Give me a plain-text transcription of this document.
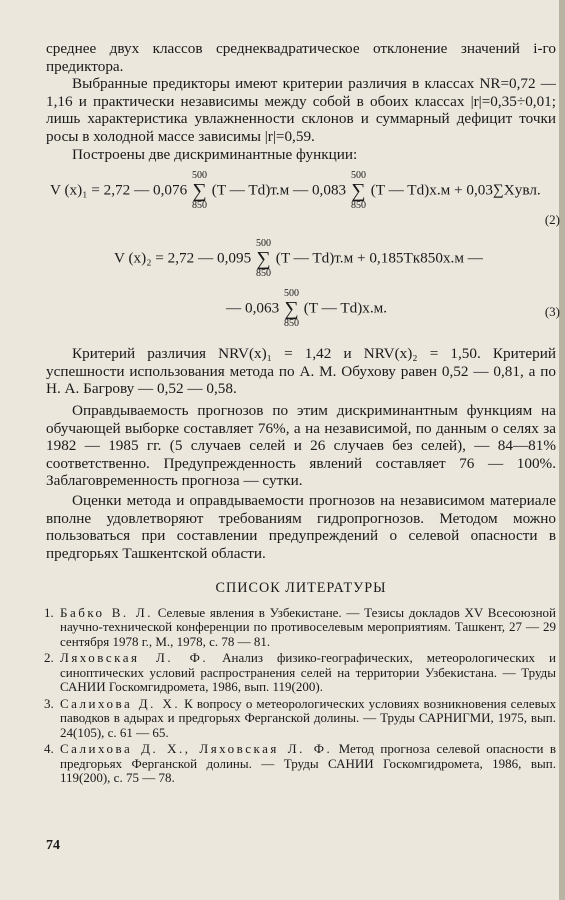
среднее двух классов среднеквадратическое отклонение значений i-го предиктора.

Выбранные предикторы имеют критерии различия в классах NR=0,72 — 1,16 и практически независимы между собой в обоих классах |r|=0,35÷0,01; лишь характеристика увлажненности склонов и суммарный дефицит точки росы в холодной массе зависимы |r|=0,59.

Построены две дискриминантные функции:

V (x)₁ = 2,72 — 0,076
500
∑
850
(T — Td)т.м — 0,083
500
∑
850
(T — Td)х.м + 0,03∑Xувл.
(2)
V (x)₂ = 2,72 — 0,095
500
∑
850
(T — Td)т.м + 0,185Tк850х.м —
— 0,063
500
∑
850
(T — Td)х.м.	(3)

Критерий различия NRV(x)₁ = 1,42 и NRV(x)₂ = 1,50. Критерий успешности использования метода по А. М. Обухову равен 0,52 — 0,81, а по Н. А. Багрову — 0,52 — 0,58.

Оправдываемость прогнозов по этим дискриминантным функциям на обучающей выборке составляет 76%, а на независимой, по данным о селях за 1982 — 1985 гг. (5 случаев селей и 26 случаев без селей), — 84—81% соответственно. Предупрежденность явлений составляет 76 — 100%. Заблаговременность прогноза — сутки.

Оценки метода и оправдываемости прогнозов на независимом материале вполне удовлетворяют требованиям гидропрогнозов. Методом можно пользоваться при составлении предупреждений о селевой опасности в предгорьях Ташкентской области.

СПИСОК ЛИТЕРАТУРЫ
1. Бабко В. Л. Селевые явления в Узбекистане. — Тезисы докладов XV Всесоюзной научно-технической конференции по противоселевым мероприятиям. Ташкент, 27 — 29 сентября 1978 г., М., 1978, с. 78 — 81.
2. Ляховская Л. Ф. Анализ физико-географических, метеорологических и синоптических условий распространения селей на территории Узбекистана. — Труды САНИИ Госкомгидромета, 1986, вып. 119(200).
3. Салихова Д. Х. К вопросу о метеорологических условиях возникновения селевых паводков в адырах и предгорьях Ферганской долины. — Труды САРНИГМИ, 1975, вып. 24(105), с. 61 — 65.
4. Салихова Д. Х., Ляховская Л. Ф. Метод прогноза селевой опасности в предгорьях Ферганской долины. — Труды САНИИ Госкомгидромета, 1986, вып. 119(200), с. 75 — 78.
74
